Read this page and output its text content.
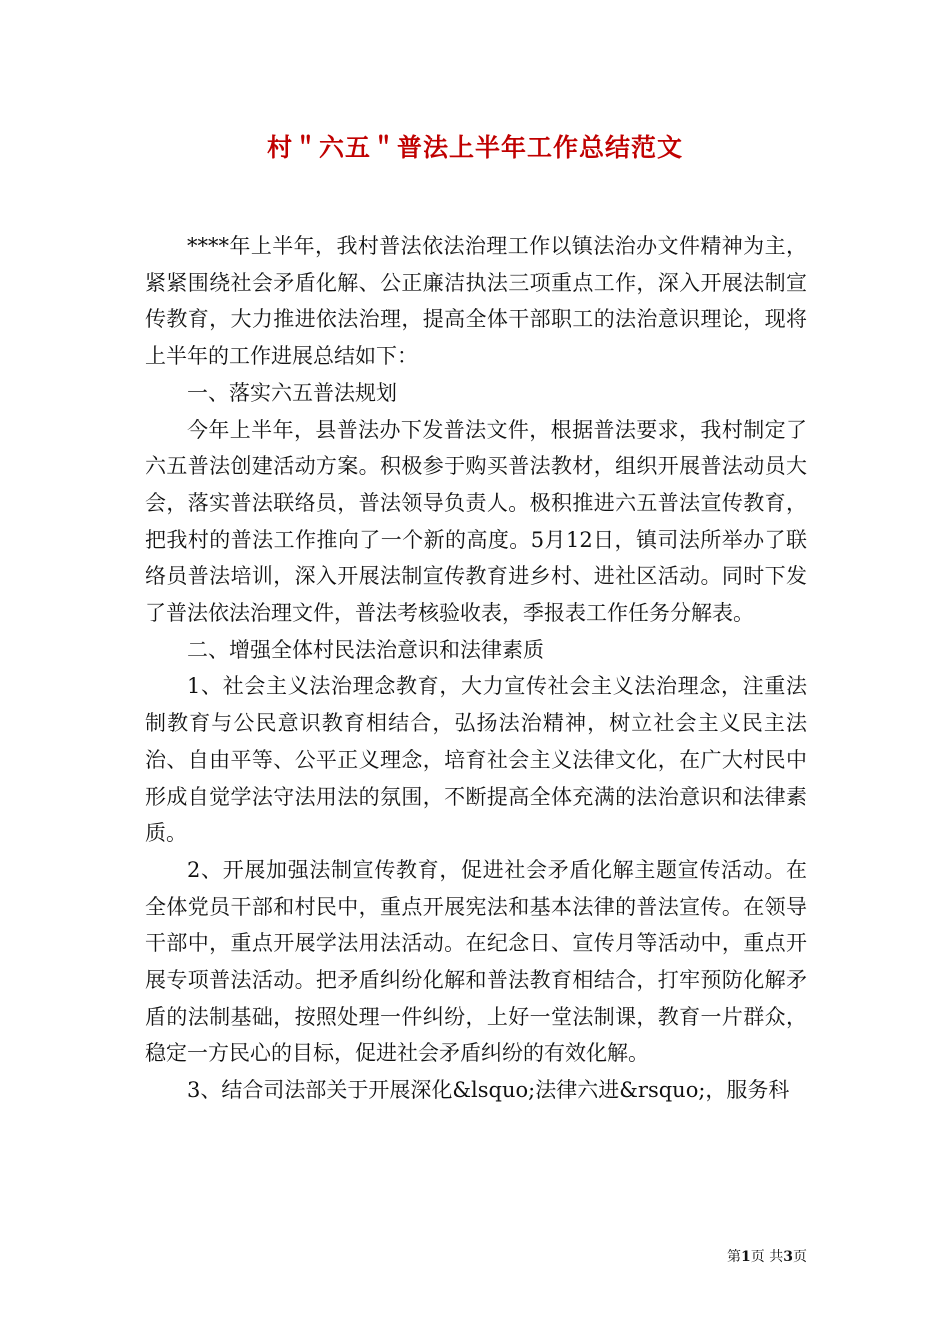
村＂六五＂普法上半年工作总结范文

****年上半年，我村普法依法治理工作以镇法治办文件精神为主，紧紧围绕社会矛盾化解、公正廉洁执法三项重点工作，深入开展法制宣传教育，大力推进依法治理，提高全体干部职工的法治意识理论，现将上半年的工作进展总结如下：

一、落实六五普法规划

今年上半年，县普法办下发普法文件，根据普法要求，我村制定了六五普法创建活动方案。积极参于购买普法教材，组织开展普法动员大会，落实普法联络员，普法领导负责人。极积推进六五普法宣传教育，把我村的普法工作推向了一个新的高度。5月12日，镇司法所举办了联络员普法培训，深入开展法制宣传教育进乡村、进社区活动。同时下发了普法依法治理文件，普法考核验收表，季报表工作任务分解表。

二、增强全体村民法治意识和法律素质

1、社会主义法治理念教育，大力宣传社会主义法治理念，注重法制教育与公民意识教育相结合，弘扬法治精神，树立社会主义民主法治、自由平等、公平正义理念，培育社会主义法律文化，在广大村民中形成自觉学法守法用法的氛围，不断提高全体充满的法治意识和法律素质。

2、开展加强法制宣传教育，促进社会矛盾化解主题宣传活动。在全体党员干部和村民中，重点开展宪法和基本法律的普法宣传。在领导干部中，重点开展学法用法活动。在纪念日、宣传月等活动中，重点开展专项普法活动。把矛盾纠纷化解和普法教育相结合，打牢预防化解矛盾的法制基础，按照处理一件纠纷，上好一堂法制课，教育一片群众，稳定一方民心的目标，促进社会矛盾纠纷的有效化解。

3、结合司法部关于开展深化&lsquo;法律六进&rsquo;，服务科

第1页 共3页
